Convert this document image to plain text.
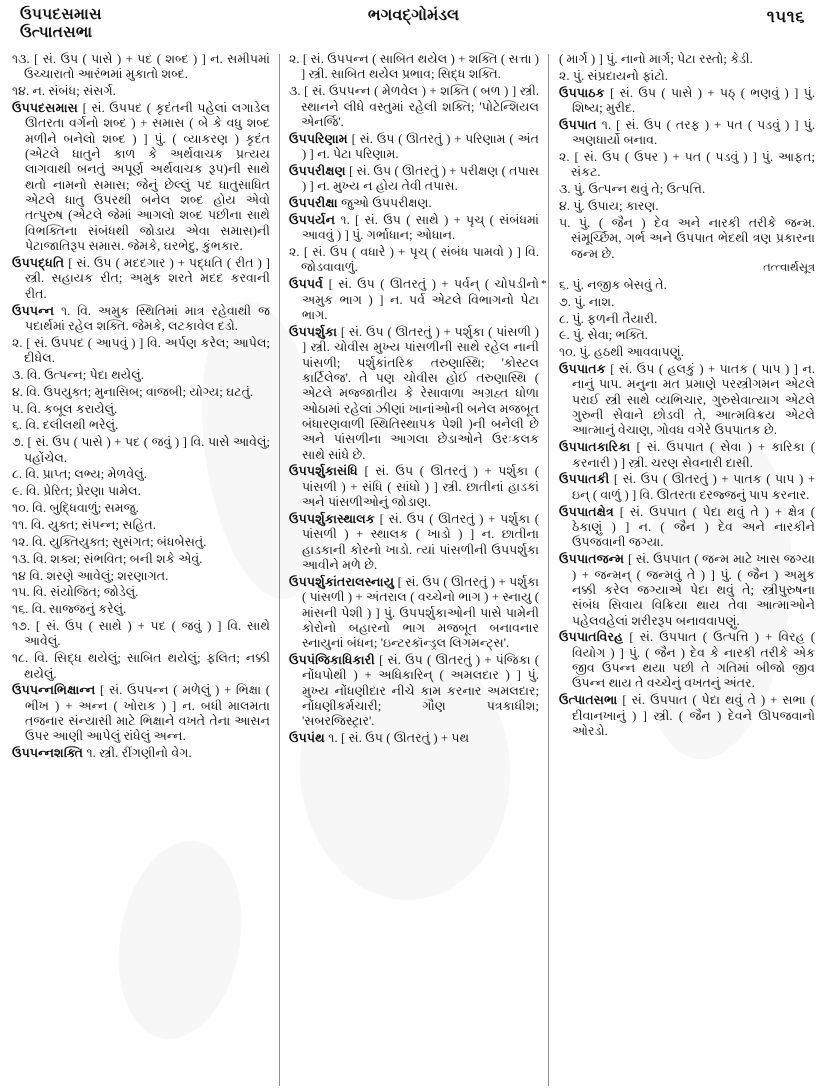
ઉપપદસમાસ
ઉત્પાતસભા
ભગવદ્ગોમંડલ	૧૫૧૬

૧૩. [ સં. ઉપ ( પાસે ) + પદ ( શબ્દ ) ] ન. સમીપમાં ઉચ્ચારાતો આરંભમાં મુકાતો શબ્દ.

૧૪. ન. સંબંધ; સંસર્ગ.

ઉપપદસમાસ [ સં. ઉપપદ ( કૃદંતની પહેલાં લગાડેલ ઊતરતા વર્ગનો શબ્દ ) + સમાસ ( બે કે વધુ શબ્દ મળીને બનેલો શબ્દ ) ] પું. ( વ્યાકરણ ) કૃદંત (એટલે ધાતુને કાળ કે અર્થવાચક પ્રત્યય લાગવાથી બનતું અપૂર્ણ અર્થવાચક રૂપ)ની સાથે થતો નામનો સમાસ; જેનું છેલ્લું પદ ધાતુસાધિત એટલે ધાતુ ઉપરથી બનેલ શબ્દ હોય એવો તત્પુરુષ (એટલે જેમાં આગલો શબ્દ પછીના સાથે વિભક્તિના સંબંધથી જોડાય એવા સમાસ)ની પેટાજાતિરૂપ સમાસ. જેમકે, ઘરભેદુ, કુંભકાર.

ઉપપદ્ધતિ [ સં. ઉપ ( મદદગાર ) + પદ્ધતિ ( રીત ) ] સ્ત્રી. સહાયક રીત; અમુક શરતે મદદ કરવાની રીત.

ઉપપન્ન ૧. વિ. અમુક સ્થિતિમાં માત્ર રહેવાથી જ પદાર્થમાં રહેલ શક્તિ. જેમકે, લટકાવેલ દડો.

૨. [ સં. ઉપપદ ( આપવું ) ] વિ. અર્પણ કરેલ; આપેલ; દીધેલ.

૩. વિ. ઉત્પન્ન; પેદા થયેલું.

૪. વિ. ઉપયુક્ત; મુનાસિબ; વાજબી; યોગ્ય; ઘટતું.

૫. વિ. કબૂલ કરાયેલું.

૬. વિ. દલીલથી ભરેલું.

૭. [ સં. ઉપ ( પાસે ) + પદ ( જવું ) ] વિ. પાસે આવેલું; પહોંચેલ.

૮. વિ. પ્રાપ્ત; લભ્ય; મેળવેલું.

૯. વિ. પ્રેરિત; પ્રેરણા પામેલ.

૧૦. વિ. બુદ્ધિવાળું; સમજુ.

૧૧. વિ. યુક્ત; સંપન્ન; સહિત.

૧૨. વિ. યુક્તિયુક્ત; સુસંગત; બંધબેસતું.

૧૩. વિ. શક્ય; સંભવિત; બની શકે એવું.

૧૪ વિ. શરણે આવેલું; શરણાગત.

૧૫. વિ. સંયોજિત; જોડેલું.

૧૬. વિ. સાજ્જનું કરેલું.

૧૭. [ સં. ઉપ ( સાથે ) + પદ ( જવું ) ] વિ. સાથે આવેલું.

૧૮. વિ. સિદ્ધ થયેલું; સાબિત થયેલું; ફલિત; નક્કી થયેલું.

ઉપપન્નભિક્ષાન્ન [ સં. ઉપપન્ન ( મળેલું ) + ભિક્ષા ( ભીખ ) + અન્ન ( ખોરાક ) ] ન. બધી માલમતા તજનાર સંન્યાસી માટે ભિક્ષાને વખતે તેના આસન ઉપર આણી આપેલું રાંધેલું અન્ન.

ઉપપન્નશક્તિ ૧. સ્ત્રી. રીંગણીનો વેગ.

૨. [ સં. ઉપપન્ન ( સાબિત થયેલ ) + શક્તિ ( સત્તા ) ] સ્ત્રી. સાબિત થયેલ પ્રભાવ; સિદ્ધ શક્તિ.

૩. [ સં. ઉપપન્ન ( મેળવેલ ) + શક્તિ ( બળ ) ] સ્ત્રી. સ્થાનને લીધે વસ્તુમાં રહેલી શક્તિ; 'પોટેન્શિયલ એનર્જિ'.

ઉપપરિણામ [ સં. ઉપ ( ઊતરતું ) + પરિણામ ( અંત ) ] ન. પેટા પરિણામ.

ઉપપરીક્ષણ [ સં. ઉપ ( ઊતરતું ) + પરીક્ષણ ( તપાસ ) ] ન. મુખ્ય ન હોય તેવી તપાસ.

ઉપપરીક્ષા જુઓ ઉપપરીક્ષણ.

ઉપપર્યન ૧. [ સં. ઉપ ( સાથે ) + પૃચ્ ( સંબંધમાં આવવું ) ] પું. ગર્ભાધાન; ઓધાન.

૨. [ સં. ઉપ ( વધારે ) + પૃચ્ ( સંબંધ પામવો ) ] વિ. જોડવાવાળું.

ઉપપર્વ [ સં. ઉપ ( ઊતરતું ) + પર્વન્ ( ચોપડીનો અમુક ભાગ ) ] ન. પર્વ એટલે વિભાગનો પેટા ભાગ.

ઉપપર્શુકા [ સં. ઉપ ( ઊતરતું ) + પર્શુકા ( પાંસળી ) ] સ્ત્રી. ચોવીસ મુખ્ય પાંસળીની સાથે રહેલ નાની પાંસળી; પર્શુકાંતરિક તરુણાસ્થિ; 'કોસ્ટલ કાર્ટિલેજ'. તે પણ ચોવીસ હોઈ તરુણાસ્થિ ( એટલે મજ્જાતીય કે રેસાવાળા અગ્રહ્ત ધોળા ઓઠામાં રહેલાં ઝીણાં ખાનાંઓની બનેલ મજબૂત બંધારણવાળી સ્થિતિસ્થાપક પેશી )ની બનેલી છે અને પાંસળીના આગલા છેડાઓને ઉરઃકલક સાથે સાંધે છે.

ઉપપર્શુકાસંધિ [ સં. ઉપ ( ઊતરતું ) + પર્શુકા ( પાંસળી ) + સંધિ ( સાંધો ) ] સ્ત્રી. છાતીનાં હાડકાં અને પાંસળીઓનું જોડાણ.

ઉપપર્શુકાસ્થાલક [ સં. ઉપ ( ઊતરતું ) + પર્શુકા ( પાંસળી ) + સ્થાલક ( ખાડો ) ] ન. છાતીના હાડકાની કોરનો ખાડો. ત્યાં પાંસળીની ઉપપર્શુકા આવીને મળે છે.

ઉપપર્શુકાંતરાલસ્નાયુ [ સં. ઉપ ( ઊતરતું ) + પર્શુકા ( પાંસળી ) + અંતરાલ ( વચ્ચેનો ભાગ ) + સ્નાયુ ( માંસની પેશી ) ] પું. ઉપપર્શુકાઓની પાસે પામેની કોરોનો બહારનો ભાગ મજબૂત બનાવનાર સ્નાયુનાં બંધન; 'ઇન્ટરકૉન્ડ્રલ લિગમન્ટ્સ'.

ઉપપંજિકાધિકારી [ સં. ઉપ ( ઊતરતું ) + પંજિકા ( નોંધપોથી ) + અધિકારિન્ ( અમલદાર ) ] પું. મુખ્ય નોંધણીદાર નીચે કામ કરનાર અમલદાર; નોંધણીકર્મચારી; ગૌણ પત્રકાધીશ; 'સબરજિસ્ટ્રાર'.

ઉપપંથ ૧. [ સં. ઉપ ( ઊતરતું ) + પથ

( માર્ગ ) ] પું. નાનો માર્ગ; પેટા રસ્તો; કેડી.

૨. પું. સંપ્રદાયનો ફાંટો.

ઉપપાઠક [ સં. ઉપ ( પાસે ) + પઠ્ ( ભણવું ) ] પું. શિષ્ય; મુરીદ.

ઉપપાત ૧. [ સં. ઉપ ( તરફ ) + પત ( પડવું ) ] પું. અણધાર્યો બનાવ.

૨. [ સં. ઉપ ( ઉપર ) + પત ( પડવું ) ] પું. આફત; સંકટ.

૩. પું. ઉત્પન્ન થવું તે; ઉત્પત્તિ.

૪. પું. ઉપાય; કારણ.

૫. પું. ( જૈન ) દેવ અને નારકી તરીકે જન્મ. સંમૂર્ચ્છિમ, ગર્ભ અને ઉપપાત ભેદથી ત્રણ પ્રકારના જન્મ છે.
તત્ત્વાર્થસૂત્ર

* ૬. પું. નજીક બેસવું તે.

૭. પું. નાશ.

૮. પું. ફળની તૈયારી.

૯. પું. સેવા; ભક્તિ.

૧૦. પું. હઠથી આવવાપણું.

ઉપપાતક [ સં. ઉપ ( હલકું ) + પાતક ( પાપ ) ] ન. નાનું પાપ. મનુના મત પ્રમાણે પરસ્ત્રીગમન એટલે પરાઈ સ્ત્રી સાથે વ્યભિચાર, ગુરુસેવાત્યાગ એટલે ગુરુની સેવાને છોડવી તે, આત્મવિક્રય એટલે આત્માનું વેચાણ, ગોવધ વગેરે ઉપપાતક છે.

ઉપપાતકારિકા [ સં. ઉપપાત ( સેવા ) + કારિકા ( કરનારી ) ] સ્ત્રી. ચરણ સેવનારી દાસી.

ઉપપાતકી [ સં. ઉપ ( ઊતરતું ) + પાતક ( પાપ ) + ઇન્ ( વાળું ) ] વિ. ઊતરતા દરજ્જનું પાપ કરનાર.

ઉપપાતક્ષેત્ર [ સં. ઉપપાત ( પેદા થવું તે ) + ક્ષેત્ર ( ઠેકાણું ) ] ન. ( જૈન ) દેવ અને નારકીને ઉપજવાની જગ્યા.

ઉપપાતજન્મ [ સં. ઉપપાત ( જન્મ માટે ખાસ જગ્યા ) + જન્મન્ ( જન્મવું તે ) ] પું. ( જૈન ) અમુક નક્કી કરેલ જગ્યાએ પેદા થવું તે; સ્ત્રીપુરુષના સંબંધ સિવાય વિક્રિયા થાય તેવા આત્માઓને પહેલવહેલાં શરીરરૂપ બનાવવાપણું.

ઉપપાતવિરહ [ સં. ઉપપાત ( ઉત્પત્તિ ) + વિરહ ( વિયોગ ) ] પું. ( જૈન ) દેવ કે નારકી તરીકે એક જીવ ઉપન્ન થયા પછી તે ગતિમાં બીજો જીવ ઉપન્ન થાય તે વચ્ચેનું વખતનું અંતર.

ઉત્પાતસભા [ સં. ઉપપાત ( પેદા થવું તે ) + સભા ( દીવાનખાનું ) ] સ્ત્રી. ( જૈન ) દેવને ઊપજવાનો ઓરડો.
